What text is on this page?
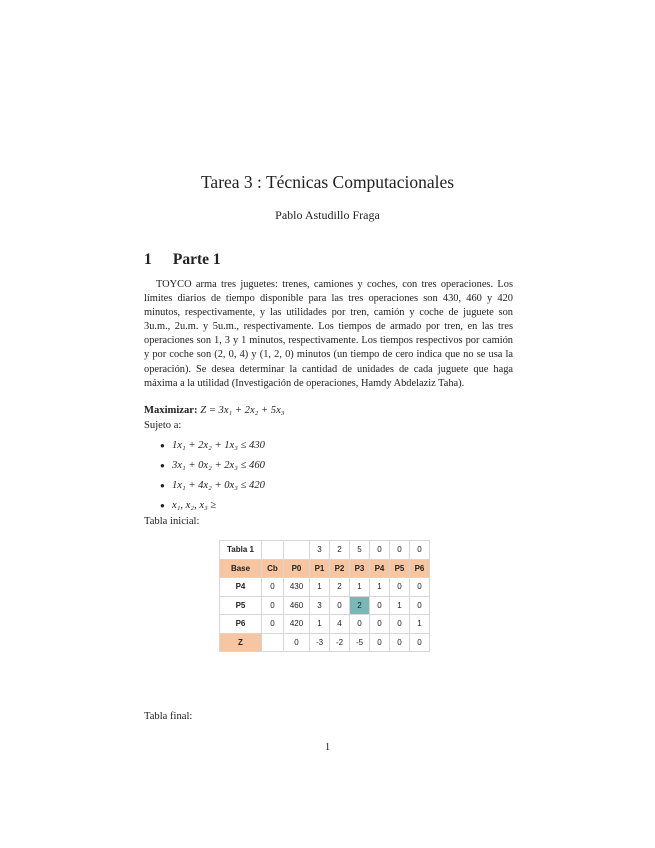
Tarea 3 : Técnicas Computacionales
Pablo Astudillo Fraga
1 Parte 1
TOYCO arma tres juguetes: trenes, camiones y coches, con tres operaciones. Los límites diarios de tiempo disponible para las tres operaciones son 430, 460 y 420 minutos, respectivamente, y las utilidades por tren, camión y coche de juguete son 3u.m., 2u.m. y 5u.m., respectivamente. Los tiempos de armado por tren, en las tres operaciones son 1, 3 y 1 minutos, respectivamente. Los tiempos respectivos por camión y por coche son (2, 0, 4) y (1, 2, 0) minutos (un tiempo de cero indica que no se usa la operación). Se desea determinar la cantidad de unidades de cada juguete que haga máxima a la utilidad (Investigación de operaciones, Hamdy Abdelaziz Taha).
Maximizar: Z = 3x₁ + 2x₂ + 5x₃
Sujeto a:
● 1x₁ + 2x₂ + 1x₃ ≤ 430
● 3x₁ + 0x₂ + 2x₃ ≤ 460
● 1x₁ + 4x₂ + 0x₃ ≤ 420
● x₁, x₂, x₃ ≥
Tabla inicial:
Tabla 1			3	2	5	0	0	0
Base	Cb	P0	P1	P2	P3	P4	P5	P6
P4	0	430	1	2	1	1	0	0
P5	0	460	3	0	2	0	1	0
P6	0	420	1	4	0	0	0	1
Z		0	-3	-2	-5	0	0	0
Tabla final:
1
